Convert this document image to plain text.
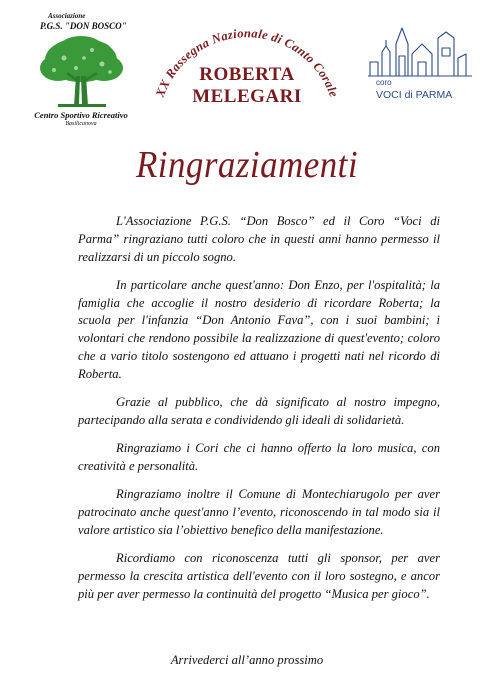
Associazione
P.G.S. "DON BOSCO"
Centro Sportivo Ricreativo
Basilicanova
XX Rassegna Nazionale di Canto Corale
ROBERTA
MELEGARI
coro
VOCI di PARMA
Ringraziamenti

L'Associazione P.G.S. “Don Bosco” ed il Coro “Voci di Parma” ringraziano tutti coloro che in questi anni hanno permesso il realizzarsi di un piccolo sogno.

In particolare anche quest'anno: Don Enzo, per l'ospitalità; la famiglia che accoglie il nostro desiderio di ricordare Roberta; la scuola per l'infanzia “Don Antonio Fava”, con i suoi bambini; i volontari che rendono possibile la realizzazione di quest'evento; coloro che a vario titolo sostengono ed attuano i progetti nati nel ricordo di Roberta.

Grazie al pubblico, che dà significato al nostro impegno, partecipando alla serata e condividendo gli ideali di solidarietà.

Ringraziamo i Cori che ci hanno offerto la loro musica, con creatività e personalità.

Ringraziamo inoltre il Comune di Montechiarugolo per aver patrocinato anche quest'anno l’evento, riconoscendo in tal modo sia il valore artistico sia l’obiettivo benefico della manifestazione.

Ricordiamo con riconoscenza tutti gli sponsor, per aver permesso la crescita artistica dell'evento con il loro sostegno, e ancor più per aver permesso la continuità del progetto “Musica per gioco”.

Arrivederci all’anno prossimo
